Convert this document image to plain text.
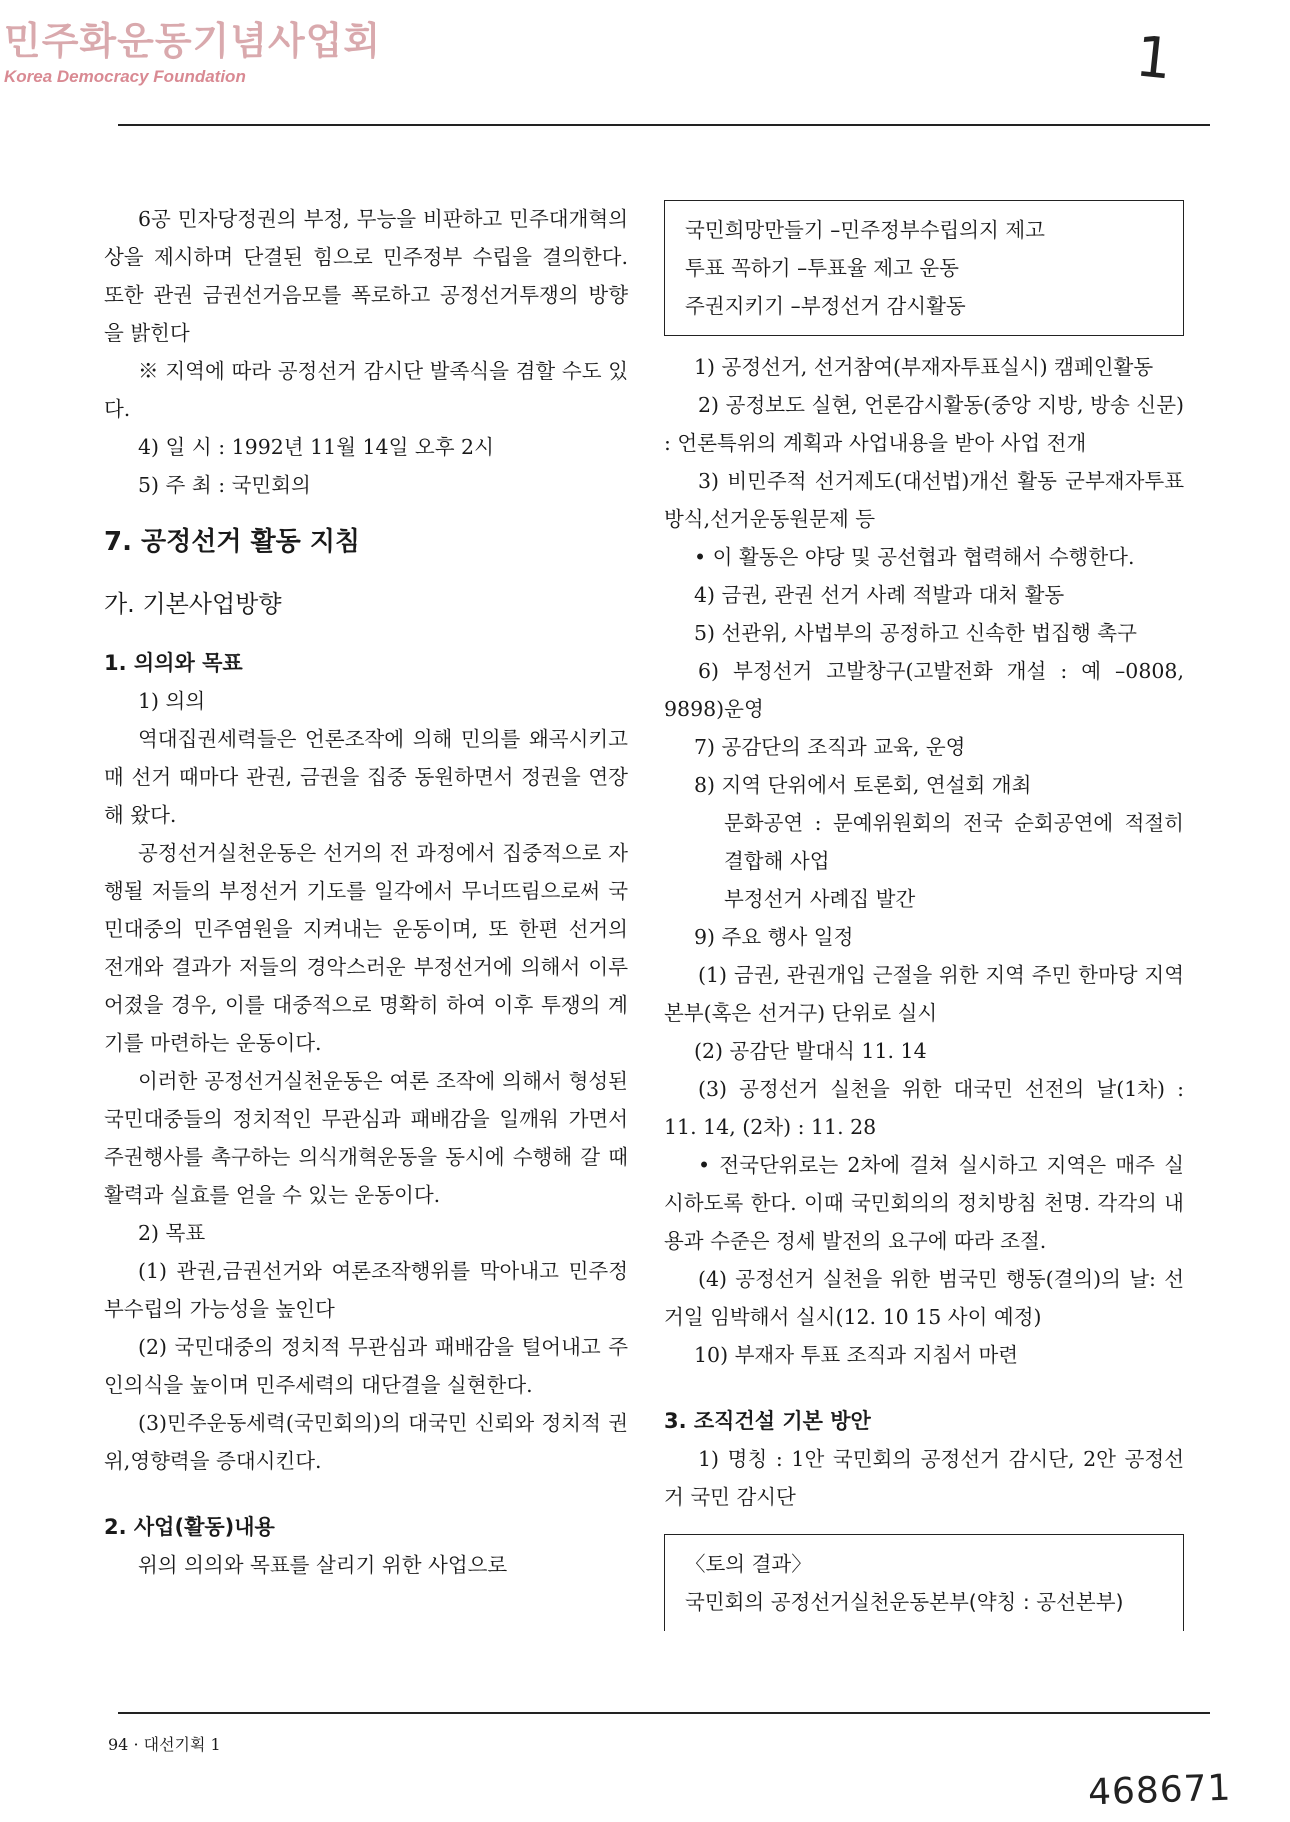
민주화운동기념사업회
Korea Democracy Foundation	1

6공 민자당정권의 부정, 무능을 비판하고 민주대개혁의 상을 제시하며 단결된 힘으로 민주정부 수립을 결의한다. 또한 관권 금권선거음모를 폭로하고 공정선거투쟁의 방향을 밝힌다

※ 지역에 따라 공정선거 감시단 발족식을 겸할 수도 있다.

4) 일 시 : 1992년 11월 14일 오후 2시

5) 주 최 : 국민회의

7. 공정선거 활동 지침
가. 기본사업방향
1. 의의와 목표

1) 의의

역대집권세력들은 언론조작에 의해 민의를 왜곡시키고 매 선거 때마다 관권, 금권을 집중 동원하면서 정권을 연장해 왔다.

공정선거실천운동은 선거의 전 과정에서 집중적으로 자행될 저들의 부정선거 기도를 일각에서 무너뜨림으로써 국민대중의 민주염원을 지켜내는 운동이며, 또 한편 선거의 전개와 결과가 저들의 경악스러운 부정선거에 의해서 이루어졌을 경우, 이를 대중적으로 명확히 하여 이후 투쟁의 계기를 마련하는 운동이다.

이러한 공정선거실천운동은 여론 조작에 의해서 형성된 국민대중들의 정치적인 무관심과 패배감을 일깨워 가면서 주권행사를 촉구하는 의식개혁운동을 동시에 수행해 갈 때 활력과 실효를 얻을 수 있는 운동이다.

2) 목표

(1) 관권,금권선거와 여론조작행위를 막아내고 민주정부수립의 가능성을 높인다

(2) 국민대중의 정치적 무관심과 패배감을 털어내고 주인의식을 높이며 민주세력의 대단결을 실현한다.

(3)민주운동세력(국민회의)의 대국민 신뢰와 정치적 권위,영향력을 증대시킨다.

2. 사업(활동)내용

위의 의의와 목표를 살리기 위한 사업으로

국민희망만들기 –민주정부수립의지 제고
투표 꼭하기 –투표율 제고 운동
주권지키기 –부정선거 감시활동

1) 공정선거, 선거참여(부재자투표실시) 캠페인활동

2) 공정보도 실현, 언론감시활동(중앙 지방, 방송 신문) : 언론특위의 계획과 사업내용을 받아 사업 전개

3) 비민주적 선거제도(대선법)개선 활동 군부재자투표방식,선거운동원문제 등

• 이 활동은 야당 및 공선협과 협력해서 수행한다.

4) 금권, 관권 선거 사례 적발과 대처 활동

5) 선관위, 사법부의 공정하고 신속한 법집행 촉구

6) 부정선거 고발창구(고발전화 개설 : 예 –0808, 9898)운영

7) 공감단의 조직과 교육, 운영

8) 지역 단위에서 토론회, 연설회 개최

문화공연 : 문예위원회의 전국 순회공연에 적절히 결합해 사업

부정선거 사례집 발간

9) 주요 행사 일정

(1) 금권, 관권개입 근절을 위한 지역 주민 한마당 지역본부(혹은 선거구) 단위로 실시

(2) 공감단 발대식 11. 14

(3) 공정선거 실천을 위한 대국민 선전의 날(1차) : 11. 14, (2차) : 11. 28

• 전국단위로는 2차에 걸쳐 실시하고 지역은 매주 실시하도록 한다. 이때 국민회의의 정치방침 천명. 각각의 내용과 수준은 정세 발전의 요구에 따라 조절.

(4) 공정선거 실천을 위한 범국민 행동(결의)의 날: 선거일 임박해서 실시(12. 10 15 사이 예정)

10) 부재자 투표 조직과 지침서 마련

3. 조직건설 기본 방안

1) 명칭 : 1안 국민회의 공정선거 감시단, 2안 공정선거 국민 감시단

〈토의 결과〉
국민회의 공정선거실천운동본부(약칭 : 공선본부)
94 · 대선기획 1
468671
